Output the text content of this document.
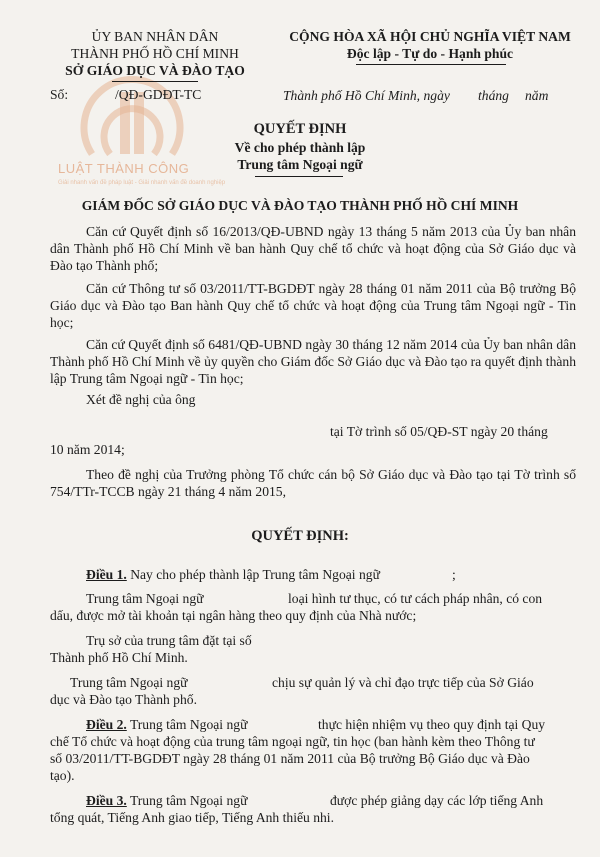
LUẬT THÀNH CÔNG
Giải nhanh vấn đề pháp luật - Giải nhanh vấn đề doanh nghiệp
ỦY BAN NHÂN DÂN
THÀNH PHỐ HỒ CHÍ MINH
SỞ GIÁO DỤC VÀ ĐÀO TẠO
Số:	/QĐ-GDĐT-TC
CỘNG HÒA XÃ HỘI CHỦ NGHĨA VIỆT NAM
Độc lập - Tự do - Hạnh phúc
Thành phố Hồ Chí Minh, ngày tháng năm
QUYẾT ĐỊNH
Về cho phép thành lập
Trung tâm Ngoại ngữ
GIÁM ĐỐC SỞ GIÁO DỤC VÀ ĐÀO TẠO THÀNH PHỐ HỒ CHÍ MINH
Căn cứ Quyết định số 16/2013/QĐ-UBND ngày 13 tháng 5 năm 2013 của Ủy ban nhân dân Thành phố Hồ Chí Minh về ban hành Quy chế tổ chức và hoạt động của Sở Giáo dục và Đào tạo Thành phố;
Căn cứ Thông tư số 03/2011/TT-BGDĐT ngày 28 tháng 01 năm 2011 của Bộ trưởng Bộ Giáo dục và Đào tạo Ban hành Quy chế tổ chức và hoạt động của Trung tâm Ngoại ngữ - Tin học;
Căn cứ Quyết định số 6481/QĐ-UBND ngày 30 tháng 12 năm 2014 của Ủy ban nhân dân Thành phố Hồ Chí Minh về ủy quyền cho Giám đốc Sở Giáo dục và Đào tạo ra quyết định thành lập Trung tâm Ngoại ngữ - Tin học;
Xét đề nghị của ông
tại Tờ trình số 05/QĐ-ST ngày 20 tháng
10 năm 2014;
Theo đề nghị của Trưởng phòng Tổ chức cán bộ Sở Giáo dục và Đào tạo tại Tờ trình số 754/TTr-TCCB ngày 21 tháng 4 năm 2015,
QUYẾT ĐỊNH:
Điều 1. Nay cho phép thành lập Trung tâm Ngoại ngữ	;
Trung tâm Ngoại ngữ	loại hình tư thục, có tư cách pháp nhân, có con
dấu, được mở tài khoản tại ngân hàng theo quy định của Nhà nước;
Trụ sở của trung tâm đặt tại số
Thành phố Hồ Chí Minh.
Trung tâm Ngoại ngữ	chịu sự quản lý và chỉ đạo trực tiếp của Sở Giáo
dục và Đào tạo Thành phố.
Điều 2. Trung tâm Ngoại ngữ	thực hiện nhiệm vụ theo quy định tại Quy
chế Tổ chức và hoạt động của trung tâm ngoại ngữ, tin học (ban hành kèm theo Thông tư
số 03/2011/TT-BGDĐT ngày 28 tháng 01 năm 2011 của Bộ trưởng Bộ Giáo dục và Đào
tạo).
Điều 3. Trung tâm Ngoại ngữ	được phép giảng dạy các lớp tiếng Anh
tổng quát, Tiếng Anh giao tiếp, Tiếng Anh thiếu nhi.
